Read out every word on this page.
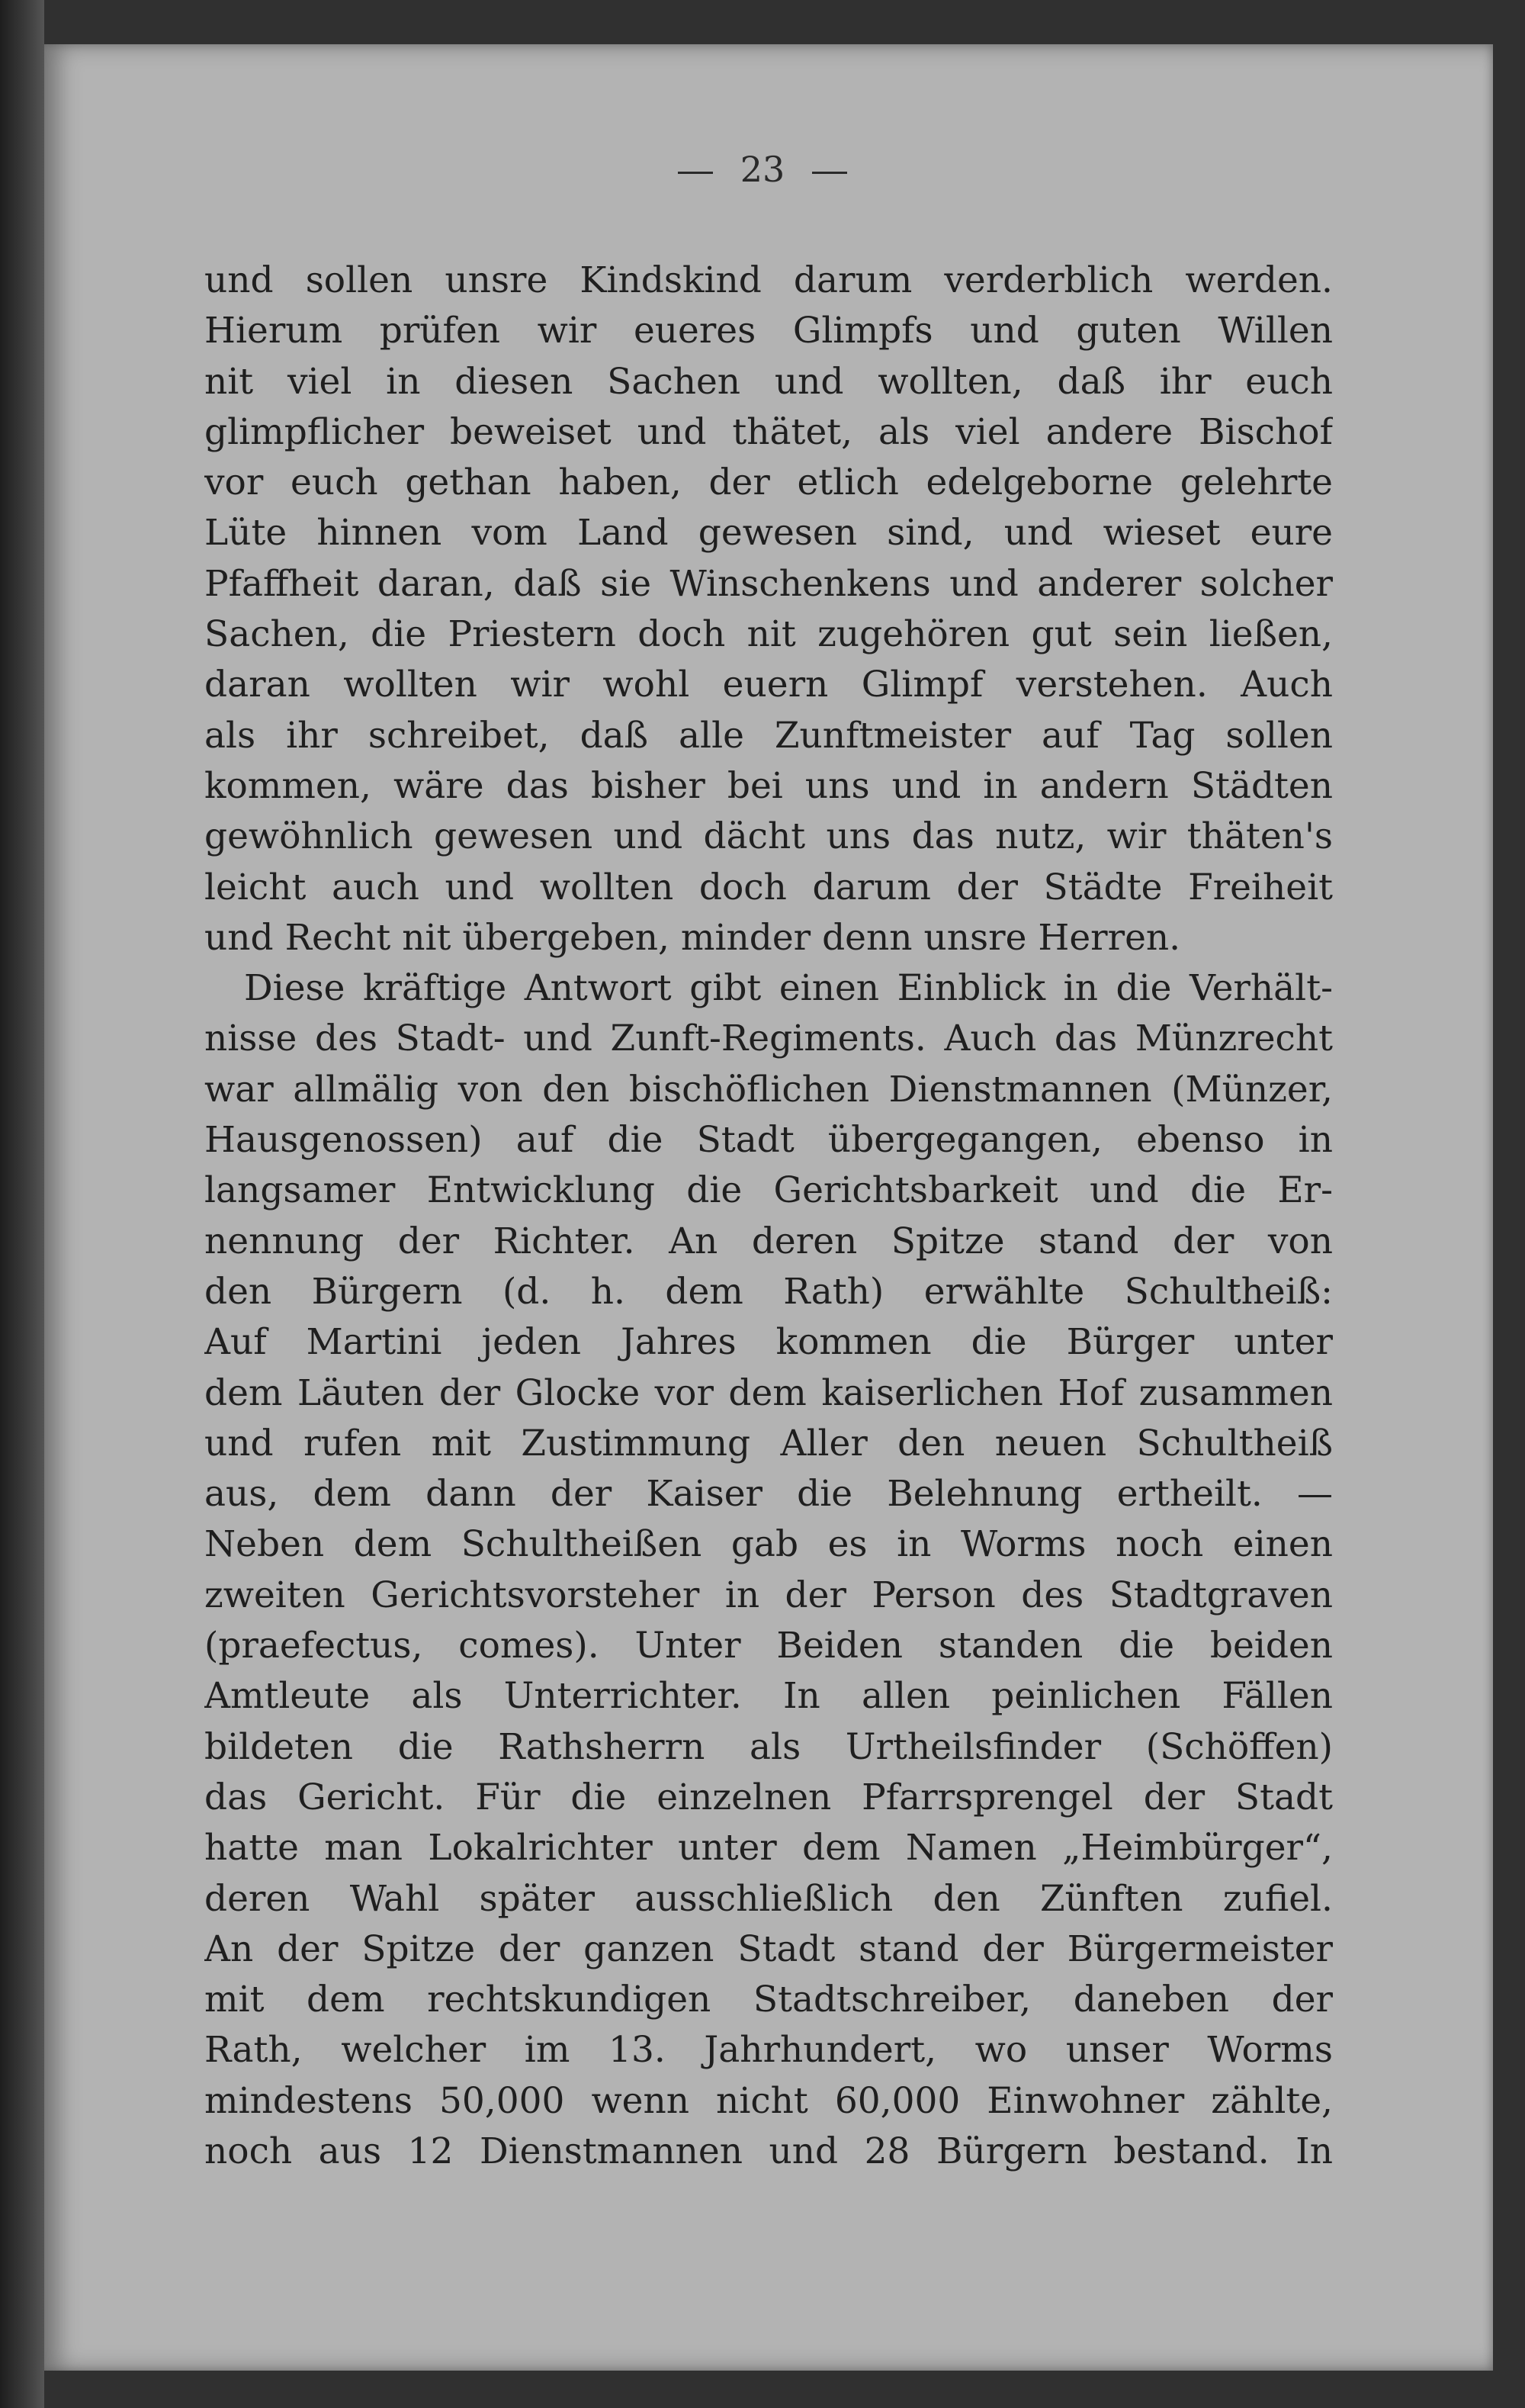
23
und sollen unsre Kindskind darum verderblich werden.
Hierum prüfen wir eueres Glimpfs und guten Willen
nit viel in diesen Sachen und wollten, daß ihr euch
glimpflicher beweiset und thätet, als viel andere Bischof
vor euch gethan haben, der etlich edelgeborne gelehrte
Lüte hinnen vom Land gewesen sind, und wieset eure
Pfaffheit daran, daß sie Winschenkens und anderer solcher
Sachen, die Priestern doch nit zugehören gut sein ließen,
daran wollten wir wohl euern Glimpf verstehen. Auch
als ihr schreibet, daß alle Zunftmeister auf Tag sollen
kommen, wäre das bisher bei uns und in andern Städten
gewöhnlich gewesen und dächt uns das nutz, wir thäten's
leicht auch und wollten doch darum der Städte Freiheit
und Recht nit übergeben, minder denn unsre Herren.
Diese kräftige Antwort gibt einen Einblick in die Verhält-
nisse des Stadt- und Zunft-Regiments. Auch das Münzrecht
war allmälig von den bischöflichen Dienstmannen (Münzer,
Hausgenossen) auf die Stadt übergegangen, ebenso in
langsamer Entwicklung die Gerichtsbarkeit und die Er-
nennung der Richter. An deren Spitze stand der von
den Bürgern (d. h. dem Rath) erwählte Schultheiß:
Auf Martini jeden Jahres kommen die Bürger unter
dem Läuten der Glocke vor dem kaiserlichen Hof zusammen
und rufen mit Zustimmung Aller den neuen Schultheiß
aus, dem dann der Kaiser die Belehnung ertheilt. —
Neben dem Schultheißen gab es in Worms noch einen
zweiten Gerichtsvorsteher in der Person des Stadtgraven
(praefectus, comes). Unter Beiden standen die beiden
Amtleute als Unterrichter. In allen peinlichen Fällen
bildeten die Rathsherrn als Urtheilsfinder (Schöffen)
das Gericht. Für die einzelnen Pfarrsprengel der Stadt
hatte man Lokalrichter unter dem Namen „Heimbürger“,
deren Wahl später ausschließlich den Zünften zufiel.
An der Spitze der ganzen Stadt stand der Bürgermeister
mit dem rechtskundigen Stadtschreiber, daneben der
Rath, welcher im 13. Jahrhundert, wo unser Worms
mindestens 50,000 wenn nicht 60,000 Einwohner zählte,
noch aus 12 Dienstmannen und 28 Bürgern bestand. In
